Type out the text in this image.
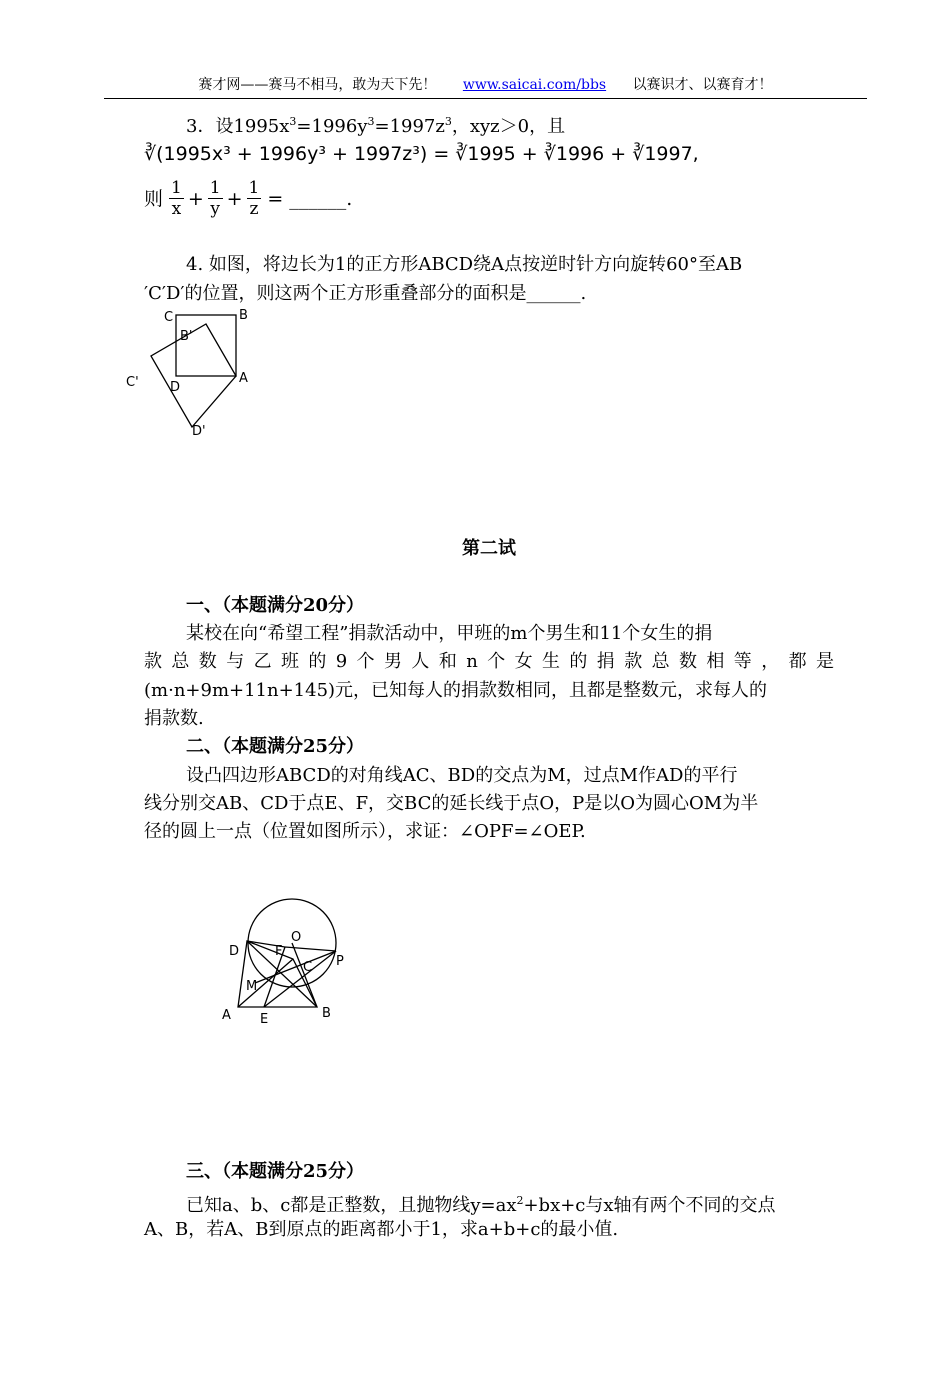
赛才网——赛马不相马，敢为天下先！ www.saicai.com/bbs 以赛识才、以赛育才！
3．设$1995x^3=1996y^3=1997z^3$，xyz＞0，且
∛(1995x³ + 1996y³ + 1997z³) = ∛1995 + ∛1996 + ∛1997,
则 $\frac{1}{x} + \frac{1}{y} + \frac{1}{z}$ = ______ .
4. 如图，将边长为1的正方形ABCD绕A点按逆时针方向旋转60°至AB
′C′D′的位置，则这两个正方形重叠部分的面积是______.
C	B
B'
C' D
A
D'
第二试
一、（本题满分20分）
某校在向“希望工程”捐款活动中，甲班的m个男生和11个女生的捐
款总数与乙班的9个男人和n个女生的捐款总数相等，都是
(m·n+9m+11n+145)元，已知每人的捐款数相同，且都是整数元，求每人的
捐款数.
二、（本题满分25分）
设凸四边形ABCD的对角线AC、BD的交点为M，过点M作AD的平行
线分别交AB、CD于点E、F，交BC的延长线于点O，P是以O为圆心OM为半
径的圆上一点（位置如图所示），求证：∠OPF=∠OEP.
D	F
O
P
C
M
A E	B
三、（本题满分25分）
已知a、b、c都是正整数，且抛物线$y=ax^2+bx+c$与x轴有两个不同的交点
A、B，若A、B到原点的距离都小于1，求a+b+c的最小值.
